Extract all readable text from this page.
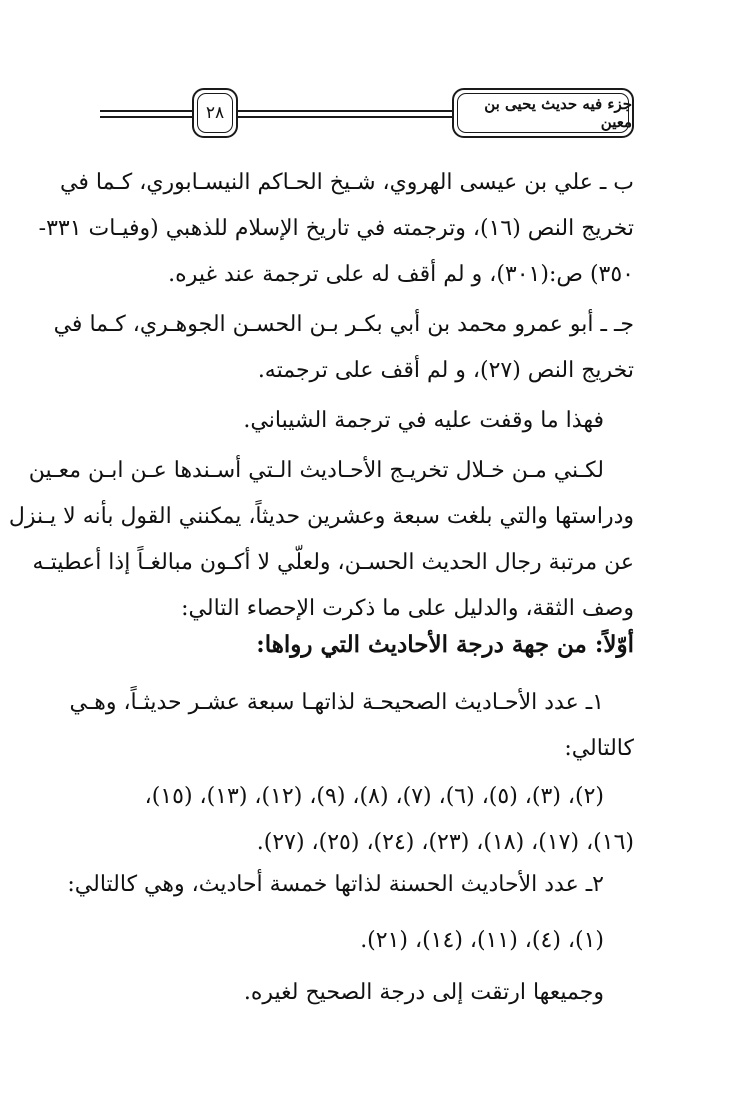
٢٨	جزء فيه حديث يحيى بن معين
ب ـ علي بن عيسى الهروي، شـيخ الحـاكم النيسـابوري، كـما في
تخريج النص (١٦)، وترجمته في تاريخ الإسلام للذهبي (وفيـات ٣٣١-
٣٥٠) ص:(٣٠١)، و لم أقف له على ترجمة عند غيره.
جـ ـ أبو عمرو محمد بن أبي بكـر بـن الحسـن الجوهـري، كـما في
تخريج النص (٢٧)، و لم أقف على ترجمته.
فهذا ما وقفت عليه في ترجمة الشيباني.
لكـني مـن خـلال تخريـج الأحـاديث الـتي أسـندها عـن ابـن معـين
ودراستها والتي بلغت سبعة وعشرين حديثاً، يمكنني القول بأنه لا يـنزل
عن مرتبة رجال الحديث الحسـن، ولعلّي لا أكـون مبالغـاً إذا أعطيتـه
وصف الثقة، والدليل على ما ذكرت الإحصاء التالي:
أوّلاً: من جهة درجة الأحاديث التي رواها:
١ـ عدد الأحـاديث الصحيحـة لذاتهـا سبعة عشـر حديثـاً، وهـي
كالتالي:
(٢)، (٣)، (٥)، (٦)، (٧)، (٨)، (٩)، (١٢)، (١٣)، (١٥)،
(١٦)، (١٧)، (١٨)، (٢٣)، (٢٤)، (٢٥)، (٢٧).
٢ـ عدد الأحاديث الحسنة لذاتها خمسة أحاديث، وهي كالتالي:
(١)، (٤)، (١١)، (١٤)، (٢١).
وجميعها ارتقت إلى درجة الصحيح لغيره.
